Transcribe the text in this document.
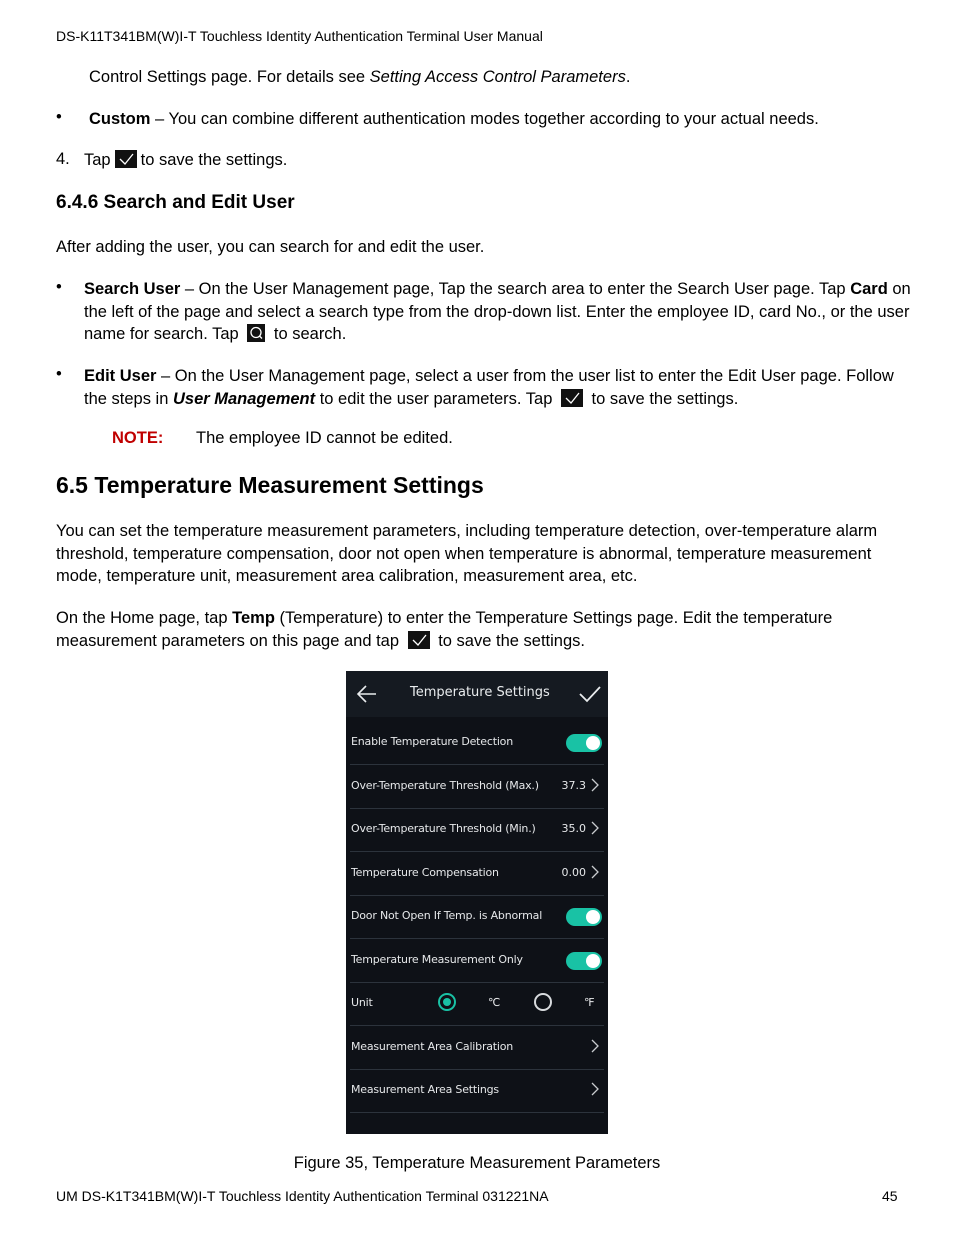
DS-K11T341BM(W)I-T Touchless Identity Authentication Terminal User Manual
Control Settings page. For details see Setting Access Control Parameters.
• Custom – You can combine different authentication modes together according to your actual needs.
4. Tap to save the settings.
6.4.6 Search and Edit User
After adding the user, you can search for and edit the user.
• Search User – On the User Management page, Tap the search area to enter the Search User page. Tap Card on the left of the page and select a search type from the drop-down list. Enter the employee ID, card No., or the user name for search. Tap
to search.
• Edit User – On the User Management page, select a user from the user list to enter the Edit User page. Follow the steps in User Management to edit the user parameters. Tap
to save the settings.
NOTE: The employee ID cannot be edited.
6.5 Temperature Measurement Settings
You can set the temperature measurement parameters, including temperature detection, over-temperature alarm threshold, temperature compensation, door not open when temperature is abnormal, temperature measurement mode, temperature unit, measurement area calibration, measurement area, etc.
On the Home page, tap Temp (Temperature) to enter the Temperature Settings page. Edit the temperature measurement parameters on this page and tap
to save the settings.
Temperature Settings
Enable Temperature Detection
Over-Temperature Threshold (Max.) 37.3
Over-Temperature Threshold (Min.) 35.0
Temperature Compensation	0.00
Door Not Open If Temp. is Abnormal
Temperature Measurement Only
Unit	℃	℉
Measurement Area Calibration
Measurement Area Settings
Figure 35, Temperature Measurement Parameters
UM DS-K1T341BM(W)I-T Touchless Identity Authentication Terminal 031221NA	45
